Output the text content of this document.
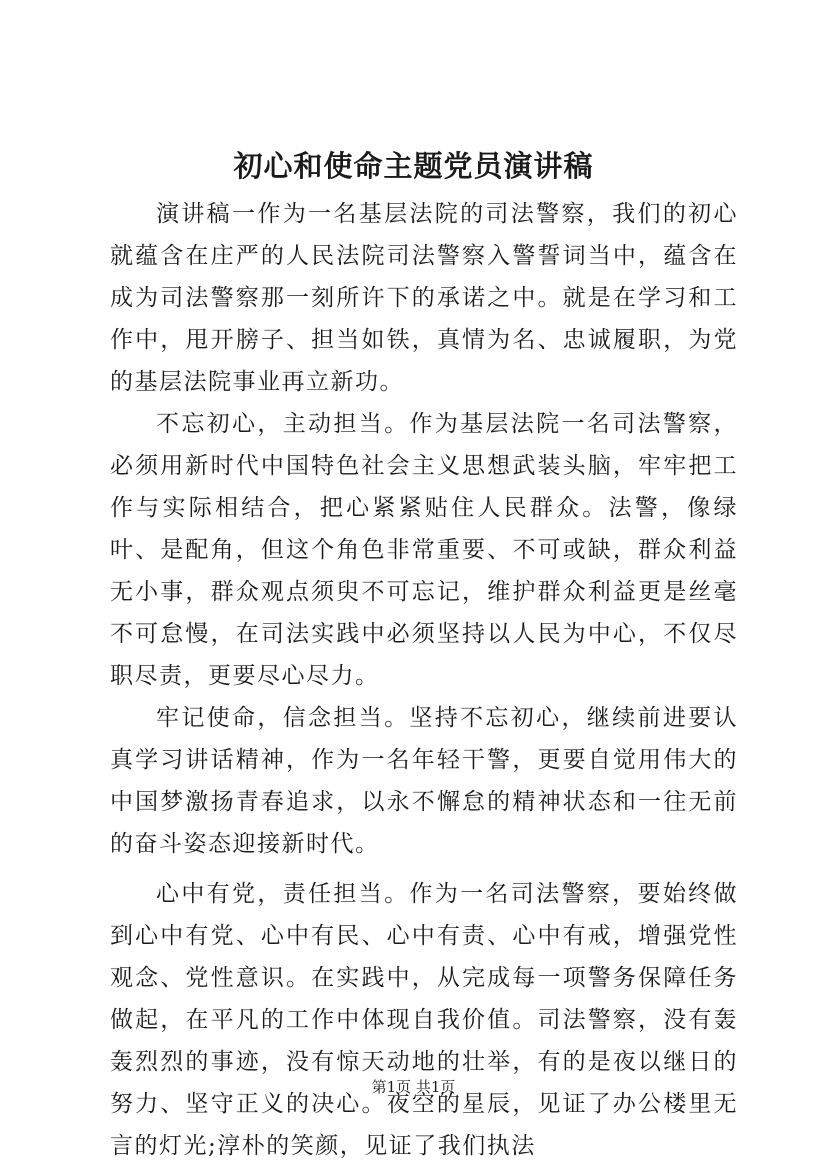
初心和使命主题党员演讲稿

演讲稿一作为一名基层法院的司法警察，我们的初心就蕴含在庄严的人民法院司法警察入警誓词当中，蕴含在成为司法警察那一刻所许下的承诺之中。就是在学习和工作中，甩开膀子、担当如铁，真情为名、忠诚履职，为党的基层法院事业再立新功。

不忘初心，主动担当。作为基层法院一名司法警察，必须用新时代中国特色社会主义思想武装头脑，牢牢把工作与实际相结合，把心紧紧贴住人民群众。法警，像绿叶、是配角，但这个角色非常重要、不可或缺，群众利益无小事，群众观点须臾不可忘记，维护群众利益更是丝毫不可怠慢，在司法实践中必须坚持以人民为中心，不仅尽职尽责，更要尽心尽力。

牢记使命，信念担当。坚持不忘初心，继续前进要认真学习讲话精神，作为一名年轻干警，更要自觉用伟大的中国梦激扬青春追求，以永不懈怠的精神状态和一往无前的奋斗姿态迎接新时代。

心中有党，责任担当。作为一名司法警察，要始终做到心中有党、心中有民、心中有责、心中有戒，增强党性观念、党性意识。在实践中，从完成每一项警务保障任务做起，在平凡的工作中体现自我价值。司法警察，没有轰轰烈烈的事迹，没有惊天动地的壮举，有的是夜以继日的努力、坚守正义的决心。夜空的星辰，见证了办公楼里无言的灯光;淳朴的笑颜，见证了我们执法

第1页 共1页
